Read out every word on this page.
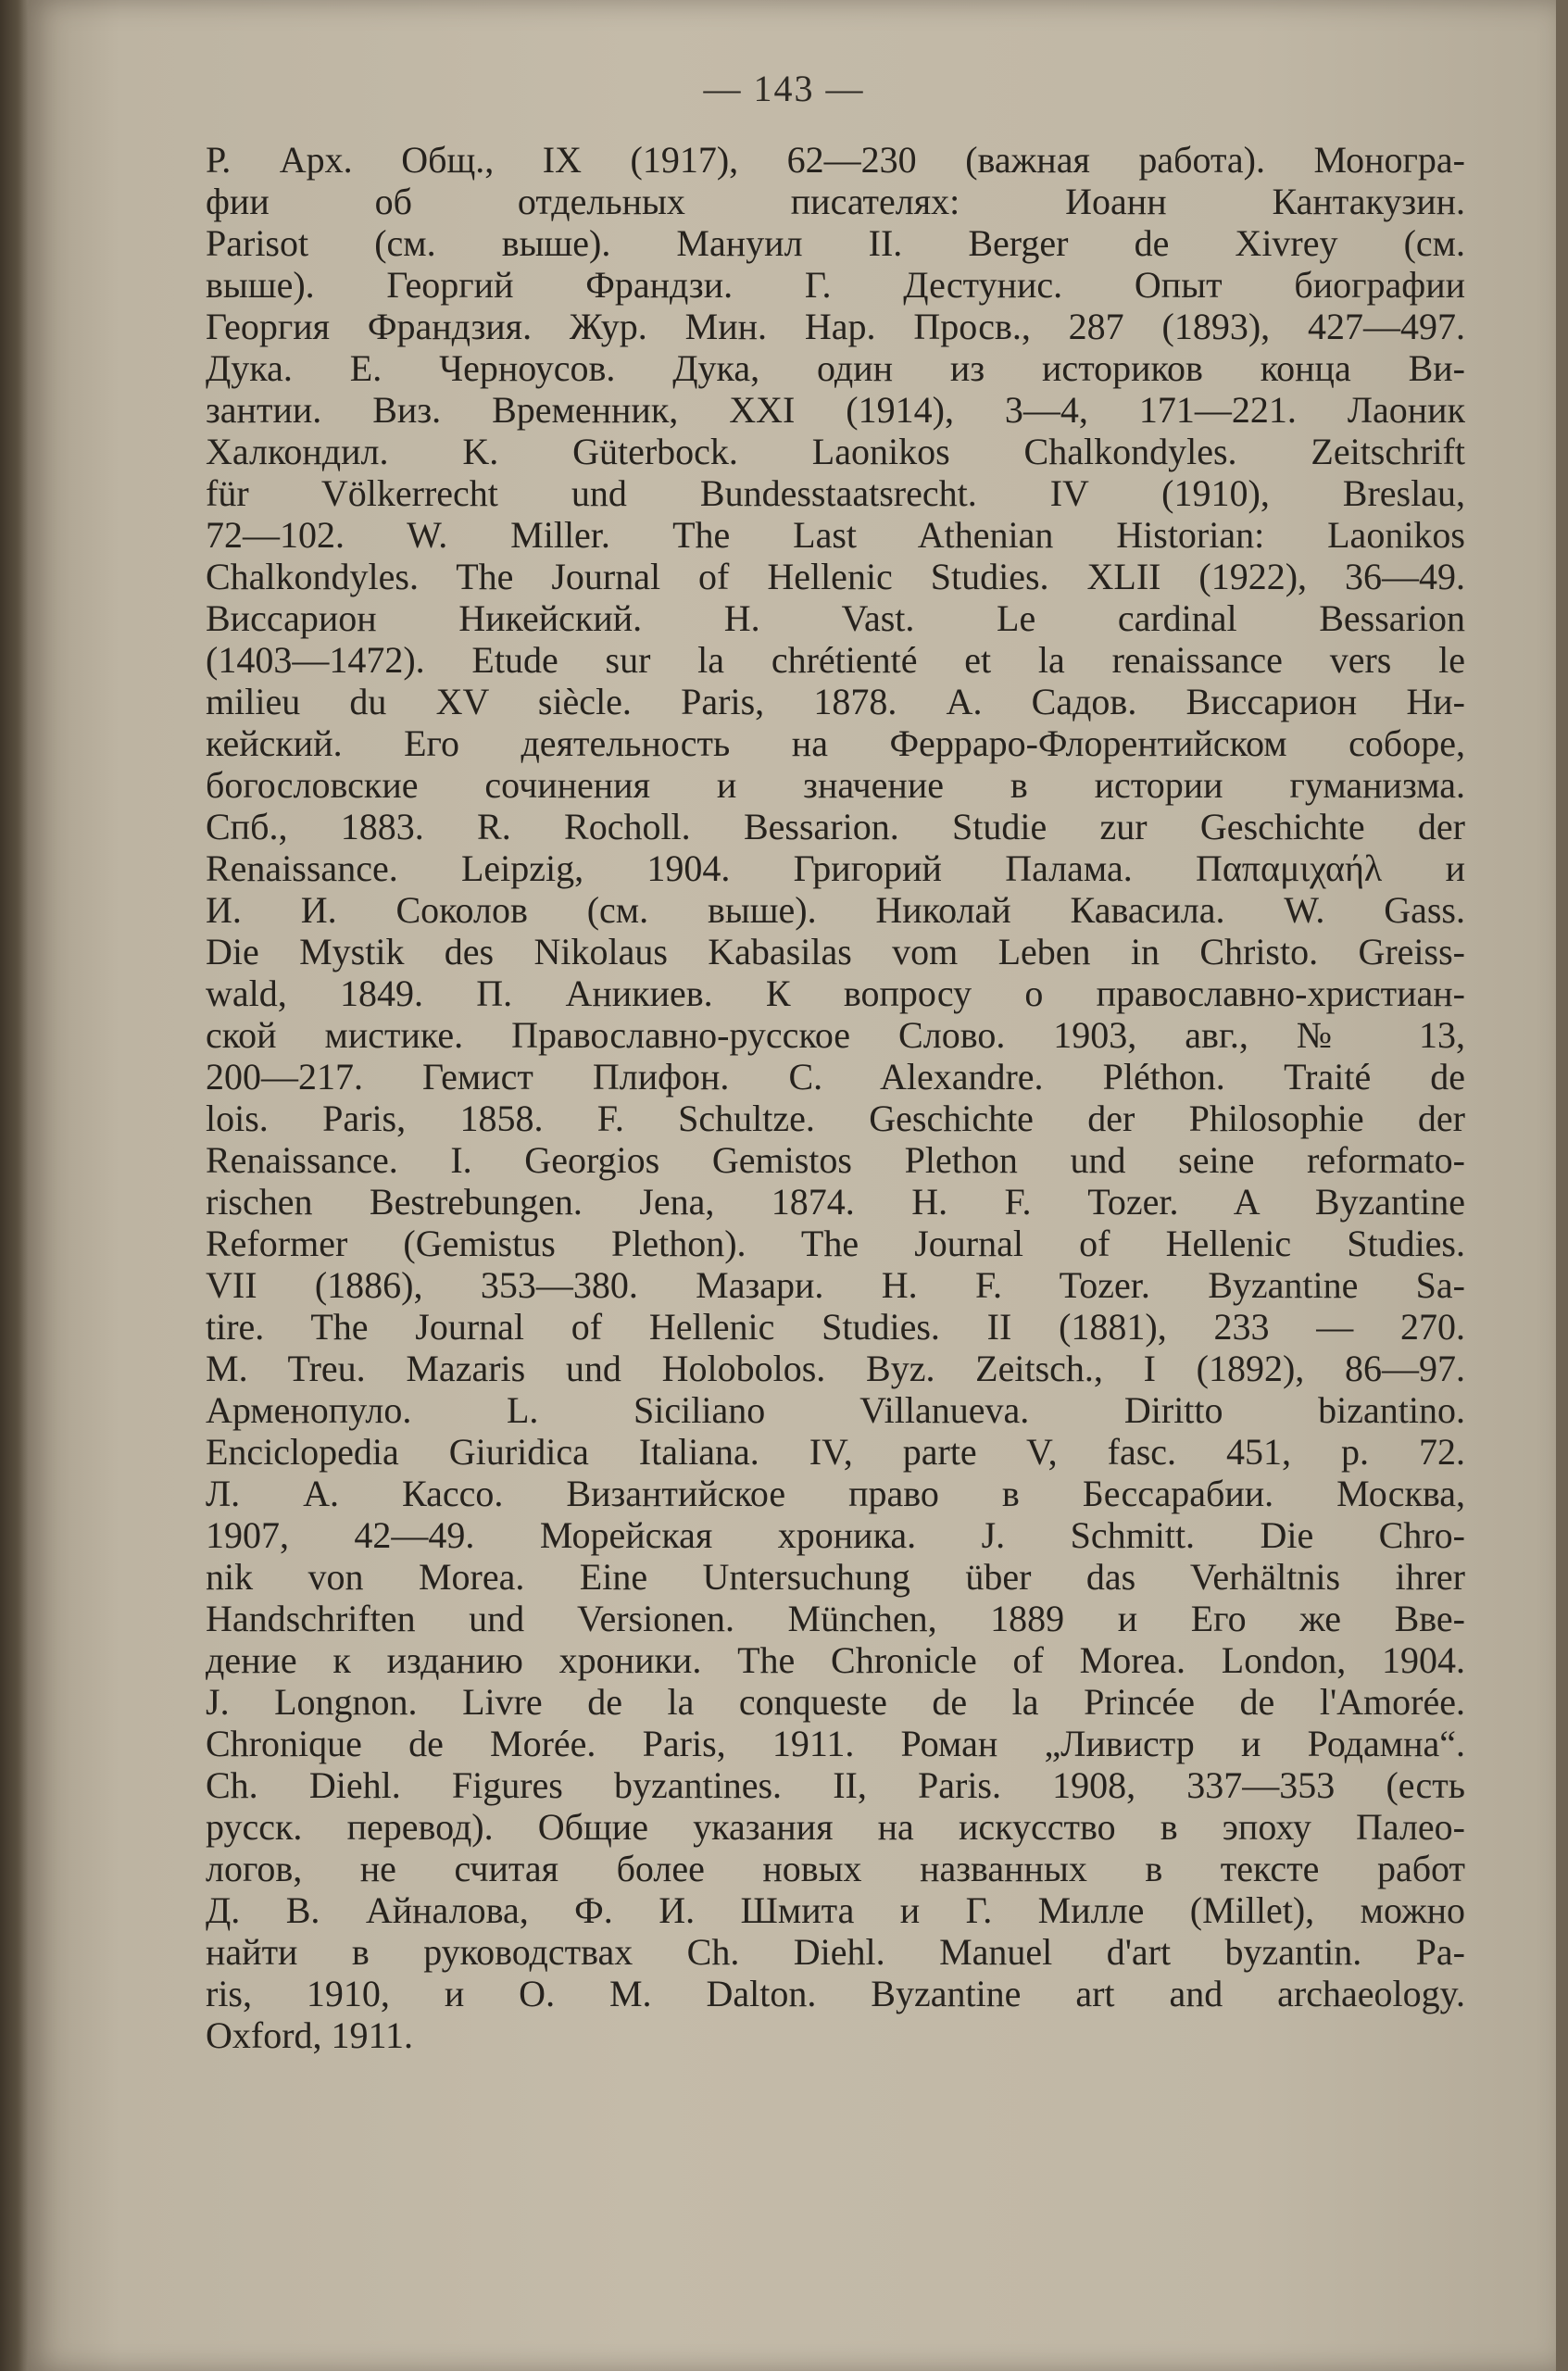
— 143 —
Р. Арх. Общ., IX (1917), 62—230 (важная работа). Моногра-
фии об отдельных писателях: Иоанн Кантакузин.
Parisot (см. выше). Мануил II. Berger de Xivrey (см.
выше). Георгий Франдзи. Г. Дестунис. Опыт биографии
Георгия Франдзия. Жур. Мин. Нар. Просв., 287 (1893), 427—497.
Дука. Е. Черноусов. Дука, один из историков конца Ви-
зантии. Виз. Временник, XXI (1914), 3—4, 171—221. Лаоник
Халкондил. K. Güterbock. Laonikos Chalkondyles. Zeitschrift
für Völkerrecht und Bundesstaatsrecht. IV (1910), Breslau,
72—102. W. Miller. The Last Athenian Historian: Laonikos
Chalkondyles. The Journal of Hellenic Studies. XLII (1922), 36—49.
Виссарион Никейский. H. Vast. Le cardinal Bessarion
(1403—1472). Etude sur la chrétienté et la renaissance vers le
milieu du XV siècle. Paris, 1878. А. Садов. Виссарион Ни-
кейский. Его деятельность на Ферраро-Флорентийском соборе,
богословские сочинения и значение в истории гуманизма.
Спб., 1883. R. Rocholl. Bessarion. Studie zur Geschichte der
Renaissance. Leipzig, 1904. Григорий Палама. Παπαμιχαήλ и
И. И. Соколов (см. выше). Николай Кавасила. W. Gass.
Die Mystik des Nikolaus Kabasilas vom Leben in Christo. Greiss-
wald, 1849. П. Аникиев. К вопросу о православно-христиан-
ской мистике. Православно-русское Слово. 1903, авг., № 13,
200—217. Гемист Плифон. C. Alexandre. Pléthon. Traité de
lois. Paris, 1858. F. Schultze. Geschichte der Philosophie der
Renaissance. I. Georgios Gemistos Plethon und seine reformato-
rischen Bestrebungen. Jena, 1874. H. F. Tozer. A Byzantine
Reformer (Gemistus Plethon). The Journal of Hellenic Studies.
VII (1886), 353—380. Мазари. H. F. Tozer. Byzantine Sa-
tire. The Journal of Hellenic Studies. II (1881), 233 — 270.
M. Treu. Mazaris und Holobolos. Byz. Zeitsch., I (1892), 86—97.
Арменопуло. L. Siciliano Villanueva. Diritto bizantino.
Enciclopedia Giuridica Italiana. IV, parte V, fasc. 451, p. 72.
Л. А. Кассо. Византийское право в Бессарабии. Москва,
1907, 42—49. Морейская хроника. J. Schmitt. Die Chro-
nik von Morea. Eine Untersuchung über das Verhältnis ihrer
Handschriften und Versionen. München, 1889 и Его же Вве-
дение к изданию хроники. The Chronicle of Morea. London, 1904.
J. Longnon. Livre de la conqueste de la Princée de l'Amorée.
Chronique de Morée. Paris, 1911. Роман „Ливистр и Родамна“.
Ch. Diehl. Figures byzantines. II, Paris. 1908, 337—353 (есть
русск. перевод). Общие указания на искусство в эпоху Палео-
логов, не считая более новых названных в тексте работ
Д. В. Айналова, Ф. И. Шмита и Г. Милле (Millet), можно
найти в руководствах Ch. Diehl. Manuel d'art byzantin. Pa-
ris, 1910, и O. M. Dalton. Byzantine art and archaeology.
Oxford, 1911.
